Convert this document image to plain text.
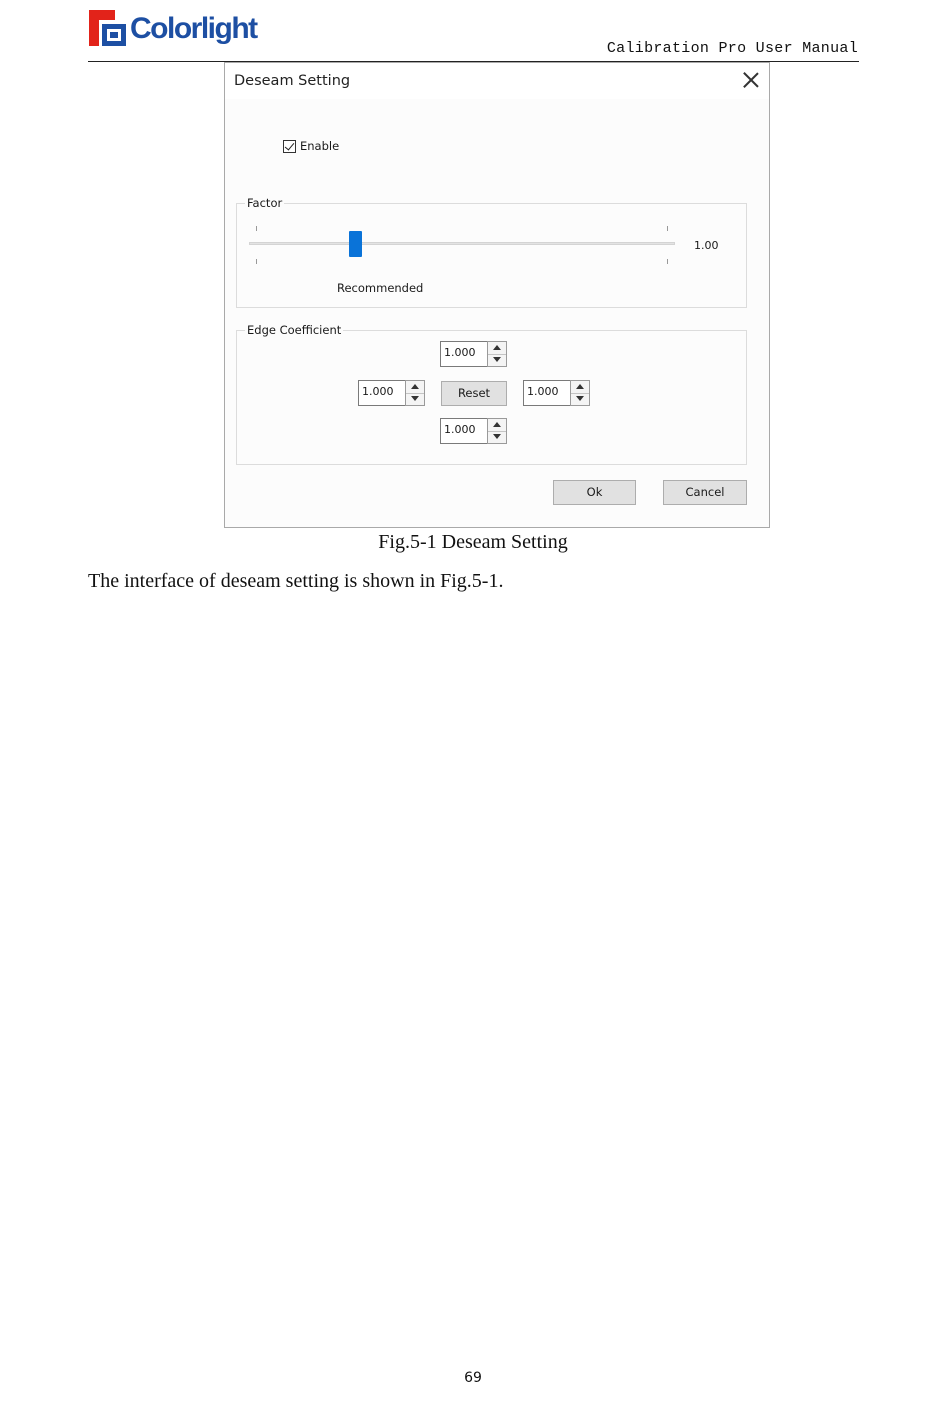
Colorlight
Calibration Pro User Manual
Deseam Setting
Enable
Factor
1.00
Recommended
Edge Coefficient
1.000
1.000	Reset	1.000
1.000
Ok	Cancel
Fig.5-1 Deseam Setting
The interface of deseam setting is shown in Fig.5-1.
69
